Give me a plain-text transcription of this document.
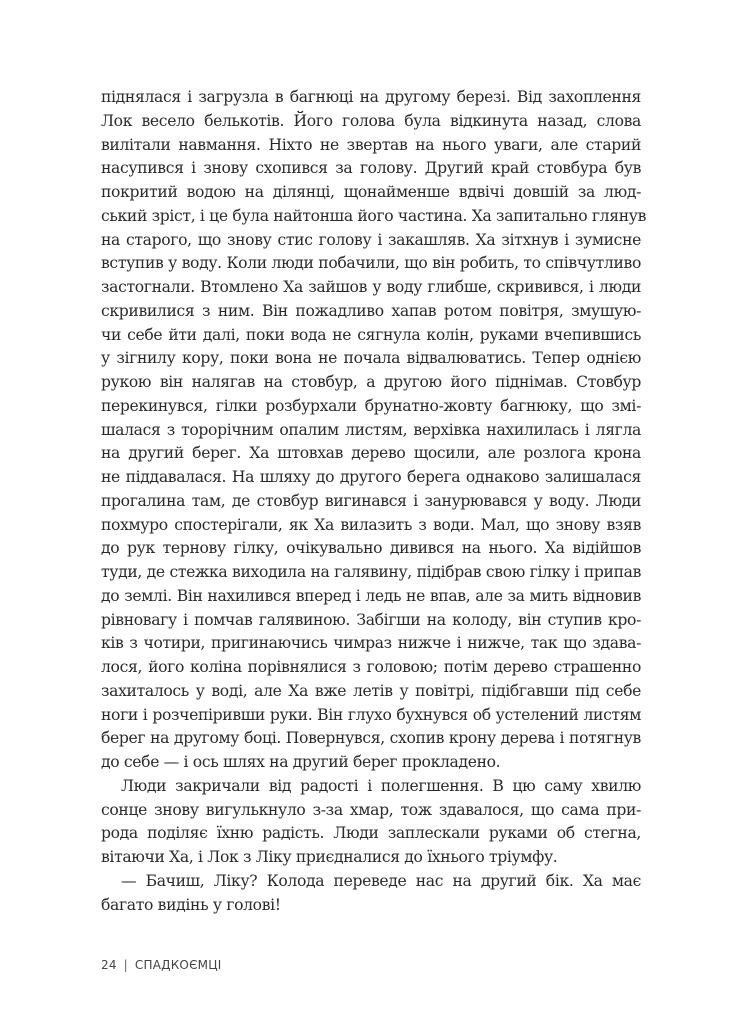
піднялася і загрузла в багнюці на другому березі. Від захоплення
Лок весело белькотів. Його голова була відкинута назад, слова
вилітали навмання. Ніхто не звертав на нього уваги, але старий
насупився і знову схопився за голову. Другий край стовбура був
покритий водою на ділянці, щонайменше вдвічі довшій за люд-
ський зріст, і це була найтонша його частина. Ха запитально глянув
на старого, що знову стис голову і закашляв. Ха зітхнув і зумисне
вступив у воду. Коли люди побачили, що він робить, то співчутливо
застогнали. Втомлено Ха зайшов у воду глибше, скривився, і люди
скривилися з ним. Він пожадливо хапав ротом повітря, змушую-
чи себе йти далі, поки вода не сягнула колін, руками вчепившись
у зігнилу кору, поки вона не почала відвалюватись. Тепер однією
рукою він налягав на стовбур, а другою його піднімав. Стовбур
перекинувся, гілки розбурхали брунатно-жовту багнюку, що змі-
шалася з торорічним опалим листям, верхівка нахилилась і лягла
на другий берег. Ха штовхав дерево щосили, але розлога крона
не піддавалася. На шляху до другого берега однаково залишалася
прогалина там, де стовбур вигинався і занурювався у воду. Люди
похмуро спостерігали, як Ха вилазить з води. Мал, що знову взяв
до рук тернову гілку, очікувально дивився на нього. Ха відійшов
туди, де стежка виходила на галявину, підібрав свою гілку і припав
до землі. Він нахилився вперед і ледь не впав, але за мить відновив
рівновагу і помчав галявиною. Забігши на колоду, він ступив кро-
ків з чотири, пригинаючись чимраз нижче і нижче, так що здава-
лося, його коліна порівнялися з головою; потім дерево страшенно
захиталось у воді, але Ха вже летів у повітрі, підібгавши під себе
ноги і розчепіривши руки. Він глухо бухнувся об устелений листям
берег на другому боці. Повернувся, схопив крону дерева і потягнув
до себе — і ось шлях на другий берег прокладено.
Люди закричали від радості і полегшення. В цю саму хвилю
сонце знову вигулькнуло з-за хмар, тож здавалося, що сама при-
рода поділяє їхню радість. Люди заплескали руками об стегна,
вітаючи Ха, і Лок з Ліку приєдналися до їхнього тріумфу.
— Бачиш, Ліку? Колода переведе нас на другий бік. Ха має
багато видінь у голові!
24 | СПАДКОЄМЦІ
